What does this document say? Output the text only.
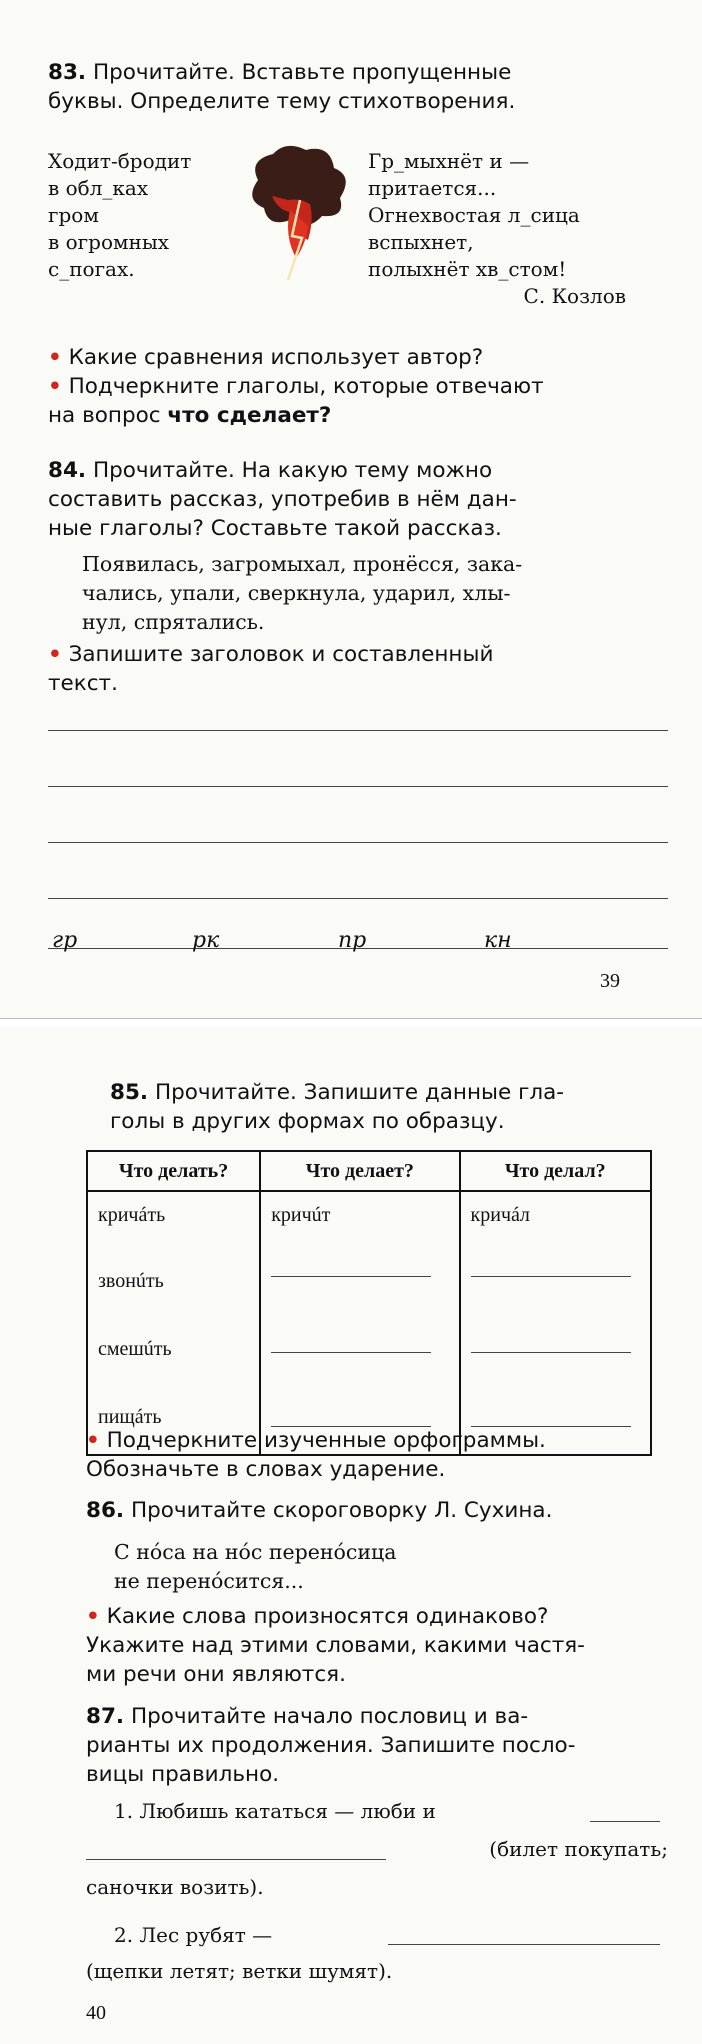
83. Прочитайте. Вставьте пропущенные
буквы. Определите тему стихотворения.
Ходит-бродит
в обл_ках
гром
в огромных
с_погах.
Гр_мыхнёт и —
притается...
Огнехвостая л_сица
вспыхнет,
полыхнёт хв_стом!
С. Козлов
• Какие сравнения использует автор?
• Подчеркните глаголы, которые отвечают
на вопрос что сделает?
84. Прочитайте. На какую тему можно
составить рассказ, употребив в нём дан-
ные глаголы? Составьте такой рассказ.
Появилась, загромыхал, пронёсся, зака-
чались, упали, сверкнула, ударил, хлы-
нул, спрятались.
• Запишите заголовок и составленный
текст.
гр	рк	пр	кн
39
85. Прочитайте. Запишите данные гла-
голы в других формах по образцу.
Что делать?	Что делает?	Что делал?
кричáть	кричúт	кричáл
звонúть	

смешúть	

пищáть	

• Подчеркните изученные орфограммы.
Обозначьте в словах ударение.
86. Прочитайте скороговорку Л. Сухина.
С нóса на нóс перенóсица
не перенóсится...
• Какие слова произносятся одинаково?
Укажите над этими словами, какими частя-
ми речи они являются.
87. Прочитайте начало пословиц и ва-
рианты их продолжения. Запишите посло-
вицы правильно.
1. Любишь кататься — люби и
(билет покупать;
саночки возить).
2. Лес рубят —
(щепки летят; ветки шумят).
40
